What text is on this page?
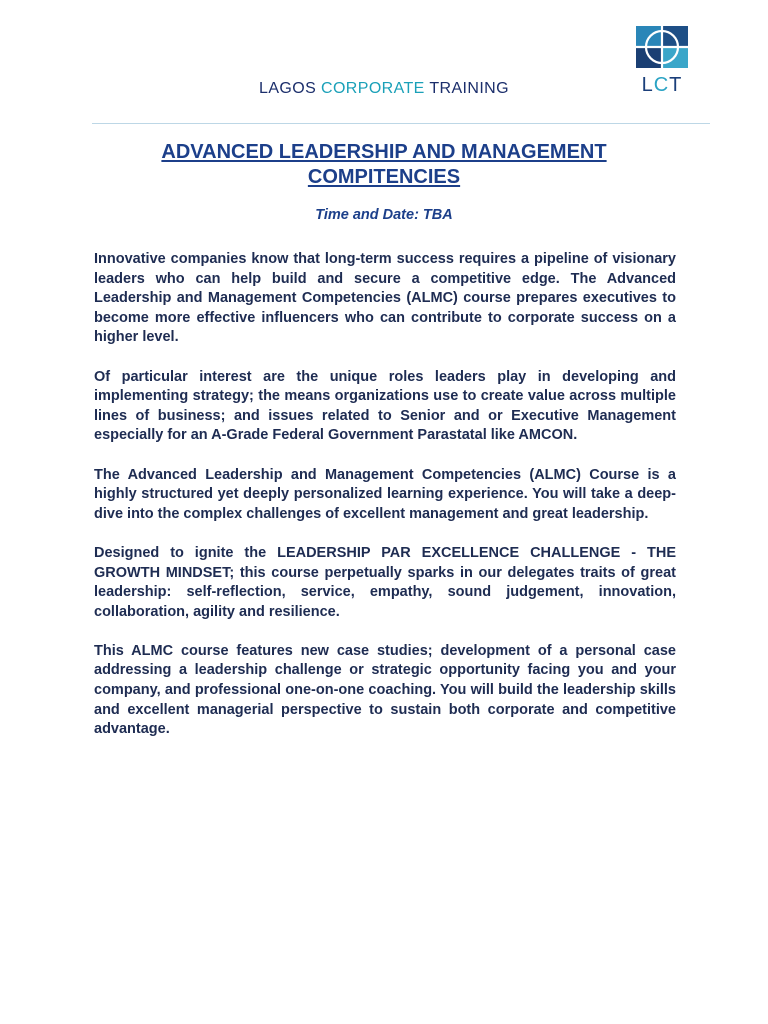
LCT
LAGOS CORPORATE TRAINING
ADVANCED LEADERSHIP AND MANAGEMENT COMPITENCIES
Time and Date: TBA

Innovative companies know that long-term success requires a pipeline of visionary leaders who can help build and secure a competitive edge. The Advanced Leadership and Management Competencies (ALMC) course prepares executives to become more effective influencers who can contribute to corporate success on a higher level.

Of particular interest are the unique roles leaders play in developing and implementing strategy; the means organizations use to create value across multiple lines of business; and issues related to Senior and or Executive Management especially for an A-Grade Federal Government Parastatal like AMCON.

The Advanced Leadership and Management Competencies (ALMC) Course is a highly structured yet deeply personalized learning experience. You will take a deep-dive into the complex challenges of excellent management and great leadership.

Designed to ignite the LEADERSHIP PAR EXCELLENCE CHALLENGE - THE GROWTH MINDSET; this course perpetually sparks in our delegates traits of great leadership: self-reflection, service, empathy, sound judgement, innovation, collaboration, agility and resilience.

This ALMC course features new case studies; development of a personal case addressing a leadership challenge or strategic opportunity facing you and your company, and professional one-on-one coaching. You will build the leadership skills and excellent managerial perspective to sustain both corporate and competitive advantage.
